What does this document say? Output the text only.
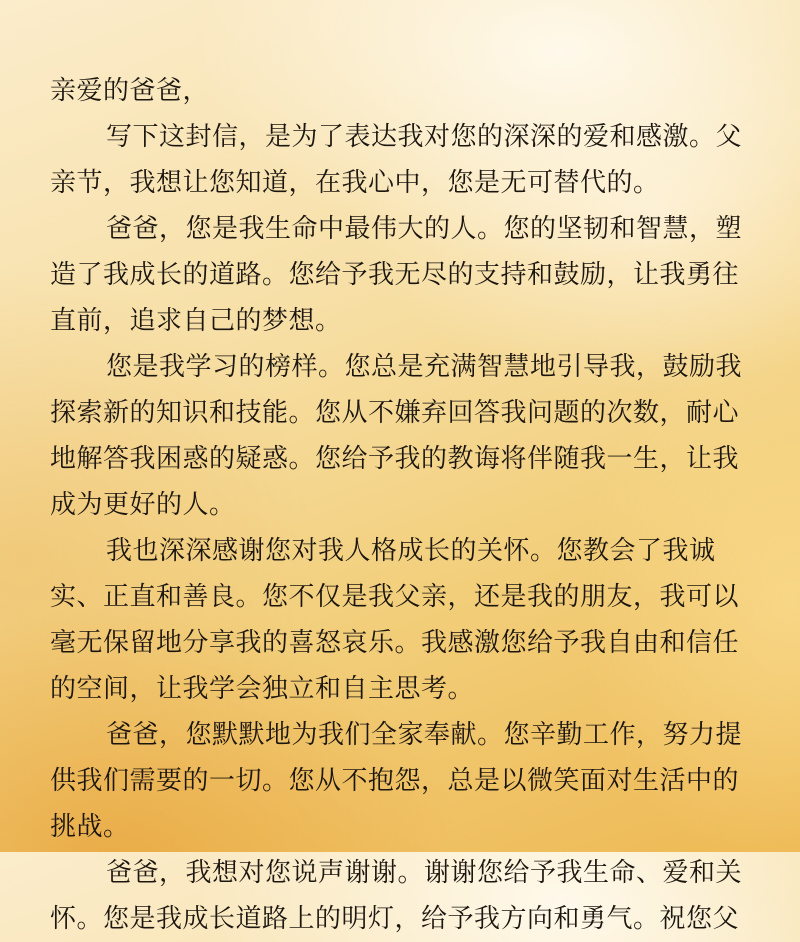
亲爱的爸爸，
写下这封信，是为了表达我对您的深深的爱和感激。父
亲节，我想让您知道，在我心中，您是无可替代的。
爸爸，您是我生命中最伟大的人。您的坚韧和智慧，塑
造了我成长的道路。您给予我无尽的支持和鼓励，让我勇往
直前，追求自己的梦想。
您是我学习的榜样。您总是充满智慧地引导我，鼓励我
探索新的知识和技能。您从不嫌弃回答我问题的次数，耐心
地解答我困惑的疑惑。您给予我的教诲将伴随我一生，让我
成为更好的人。
我也深深感谢您对我人格成长的关怀。您教会了我诚
实、正直和善良。您不仅是我父亲，还是我的朋友，我可以
毫无保留地分享我的喜怒哀乐。我感激您给予我自由和信任
的空间，让我学会独立和自主思考。
爸爸，您默默地为我们全家奉献。您辛勤工作，努力提
供我们需要的一切。您从不抱怨，总是以微笑面对生活中的
挑战。
爸爸，我想对您说声谢谢。谢谢您给予我生命、爱和关
怀。您是我成长道路上的明灯，给予我方向和勇气。祝您父
